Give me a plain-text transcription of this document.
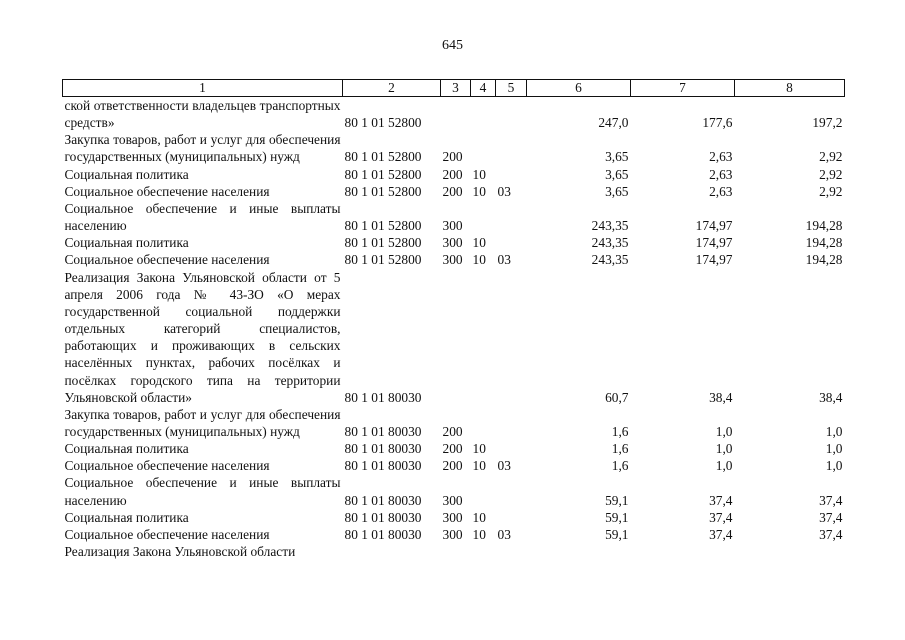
645
1	2	3	4	5	6	7	8
ской ответственности владельцев транспортных средств»	80 1 01 52800				247,0	177,6	197,2
Закупка товаров, работ и услуг для обеспечения государственных (муниципальных) нужд	80 1 01 52800	200			3,65	2,63	2,92
Социальная политика	80 1 01 52800	200	10		3,65	2,63	2,92
Социальное обеспечение населения	80 1 01 52800	200	10	03	3,65	2,63	2,92
Социальное обеспечение и иные выплаты населению	80 1 01 52800	300			243,35	174,97	194,28
Социальная политика	80 1 01 52800	300	10		243,35	174,97	194,28
Социальное обеспечение населения	80 1 01 52800	300	10	03	243,35	174,97	194,28
Реализация Закона Ульяновской области от 5 апреля 2006 года № 43-ЗО «О мерах государственной социальной поддержки отдельных категорий специалистов, работающих и проживающих в сельских населённых пунктах, рабочих посёлках и посёлках городского типа на территории Ульяновской области»	80 1 01 80030				60,7	38,4	38,4
Закупка товаров, работ и услуг для обеспечения государственных (муниципальных) нужд	80 1 01 80030	200			1,6	1,0	1,0
Социальная политика	80 1 01 80030	200	10		1,6	1,0	1,0
Социальное обеспечение населения	80 1 01 80030	200	10	03	1,6	1,0	1,0
Социальное обеспечение и иные выплаты населению	80 1 01 80030	300			59,1	37,4	37,4
Социальная политика	80 1 01 80030	300	10		59,1	37,4	37,4
Социальное обеспечение населения	80 1 01 80030	300	10	03	59,1	37,4	37,4
Реализация Закона Ульяновской области							
